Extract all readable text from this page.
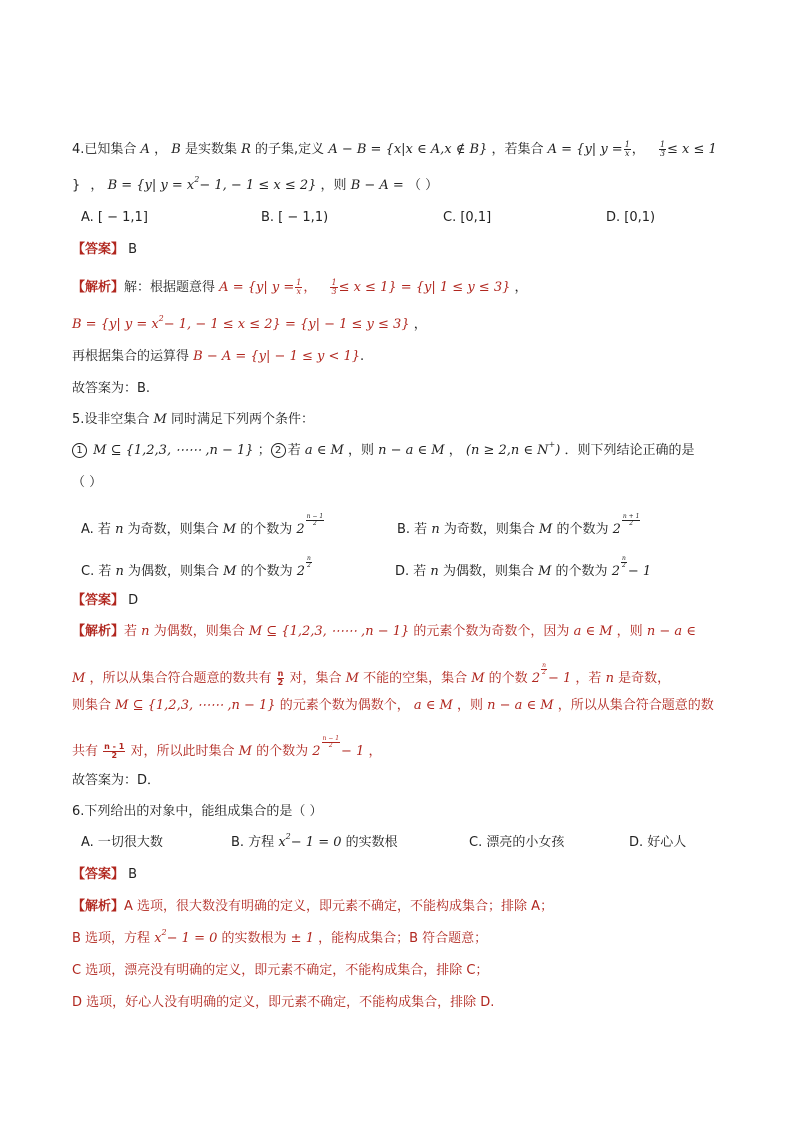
4.已知集合 A ， B 是实数集 R 的子集,定义 A − B = {x|x ∈ A,x ∉ B} ，若集合 A = {y| $y = \frac{1}{x}$ ， $\frac{1}{3} \le x \le 1$
} ， B = {y| $y = x^2- 1$, − 1 ≤ x ≤ 2} ，则 B − A = （ ）
A. [ − 1,1]	B. [ − 1,1)	C. [0,1]	D. [0,1)
【答案】 B
【解析】解：根据题意得 A = {y| $y = \frac{1}{x}$ ， $\frac{1}{3} \le x \le 1\} = \{y|$ 1 ≤ y ≤ 3} ，
B = {y| $y = x^2- 1$, − 1 ≤ x ≤ 2} = {y| − 1 ≤ y ≤ 3} ，
再根据集合的运算得 B − A = {y| − 1 ≤ y < 1}.
故答案为：B.
5.设非空集合 M 同时满足下列两个条件：
1 M ⊆ {1,2,3, ⋯⋯ ,n − 1} ； 2 若 a ∈ M ，则 n − a ∈ M ， (n ≥ 2,n ∈ N+) ．则下列结论正确的是
（ ）
A. 若 n 为奇数，则集合 M 的个数为 2
$\frac{n - 1}{2}$
B. 若 n 为奇数，则集合 M 的个数为 2
$\frac{n + 1}{2}$
C. 若 n 为偶数，则集合 M 的个数为 2
$\frac{n}{2}$
D. 若 n 为偶数，则集合 M 的个数为 2
$\frac{n}{2}$
− 1
【答案】 D
【解析】若 n 为偶数，则集合 M ⊆ {1,2,3, ⋯⋯ ,n − 1} 的元素个数为奇数个，因为 a ∈ M ，则 n − a ∈
M ，所以从集合符合题意的数共有 $\frac{n}{2}$ 对，集合 M 不能的空集，集合 M 的个数 2
$\frac{n}{2}$
− 1 ，若 n 是奇数，
则集合 M ⊆ {1,2,3, ⋯⋯ ,n − 1} 的元素个数为偶数个， a ∈ M ，则 n − a ∈ M ，所以从集合符合题意的数
共有 $\frac{n - 1}{2}$ 对，所以此时集合 M 的个数为 2
$\frac{n - 1}{2}$
− 1 ，
故答案为：D．
6.下列给出的对象中，能组成集合的是（ ）
A. 一切很大数	B. 方程 $x^2- 1 = 0$ 的实数根	C. 漂亮的小女孩	D. 好心人
【答案】 B
【解析】A 选项，很大数没有明确的定义，即元素不确定，不能构成集合；排除 A；
B 选项，方程 $x^2- 1 = 0$ 的实数根为 ± 1 ，能构成集合；B 符合题意；
C 选项，漂亮没有明确的定义，即元素不确定，不能构成集合，排除 C；
D 选项，好心人没有明确的定义，即元素不确定，不能构成集合，排除 D.
